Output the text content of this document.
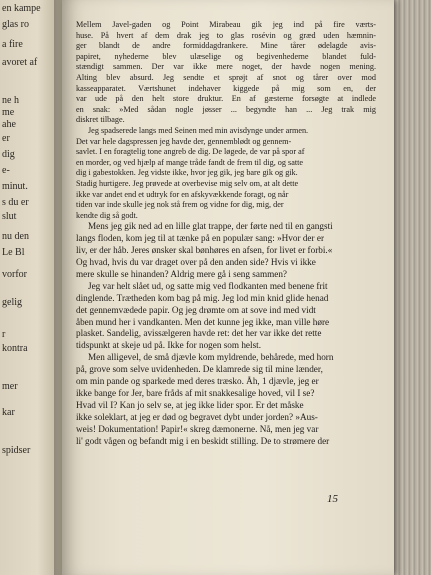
en kampe
glas ro
a fire
avoret af
ne h
me
ahe
er
dig
e-
minut.
s du er
slut
nu den
Le Bl
vorfor
gelig
r
kontra
mer
kar
spidser
Mellem Javel-gaden og Point Mirabeau gik jeg ind på fire værts-
huse. På hvert af dem drak jeg to glas rosévin og græd uden hæmnin-
ger blandt de andre formiddagdrankere. Mine tårer ødelagde avis-
papiret, nyhederne blev ulæselige og begivenhederne blandet fuld-
stændigt sammen. Der var ikke mere noget, der havde nogen mening.
Alting blev absurd. Jeg sendte et sprøjt af snot og tårer over mod
kasseapparatet. Værtshunet indehaver kiggede på mig som en, der
var ude på den helt store druktur. En af gæsterne forsøgte at indlede
en snak: »Med sådan nogle jøsser ... begyndte han ... Jeg trak mig
diskret tilbage.
Jeg spadserede langs med Seinen med min avisdynge under armen.
Det var hele dagspressen jeg havde der, gennemblødt og gennem-
savlet. I en foragtelig tone angreb de dig. De løgede, de var på spor af
en morder, og ved hjælp af mange tråde fandt de frem til dig, og satte
dig i gabestokken. Jeg vidste ikke, hvor jeg gik, jeg bare gik og gik.
Stadig hurtigere. Jeg prøvede at overbevise mig selv om, at alt dette
ikke var andet end et udtryk for en afskyvækkende foragt, og når
tiden var inde skulle jeg nok stå frem og vidne for dig, mig, der
kendte dig så godt.
Mens jeg gik ned ad en lille glat trappe, der førte ned til en gangsti
langs floden, kom jeg til at tænke på en populær sang: »Hvor der er
liv, er der håb. Jeres ønsker skal bønhøres en afsen, for livet er forbi.«
Og hvad, hvis du var draget over på den anden side? Hvis vi ikke
mere skulle se hinanden? Aldrig mere gå i seng sammen?
Jeg var helt slået ud, og satte mig ved flodkanten med benene frit
dinglende. Trætheden kom bag på mig. Jeg lod min knid glide henad
det gennemvædede papir. Og jeg drømte om at sove ind med vidt
åben mund her i vandkanten. Men det kunne jeg ikke, man ville høre
plasket. Sandelig, avissælgeren havde ret: det her var ikke det rette
tidspunkt at skeje ud på. Ikke for nogen som helst.
Men alligevel, de små djævle kom myldrende, behårede, med horn
på, grove som selve uvidenheden. De klamrede sig til mine lænder,
om min pande og sparkede med deres træsko. Åh, 1 djævle, jeg er
ikke bange for Jer, bare fråds af mit snakkesalige hoved, vil I se?
Hvad vil I? Kan jo selv se, at jeg ikke lider spor. Er det måske
ikke soleklart, at jeg er død og begravet dybt under jorden? »Aus-
weis! Dokumentation! Papir!« skreg dæmonerne. Nå, men jeg var
li' godt vågen og befandt mig i en beskidt stilling. De to strømere der
15
